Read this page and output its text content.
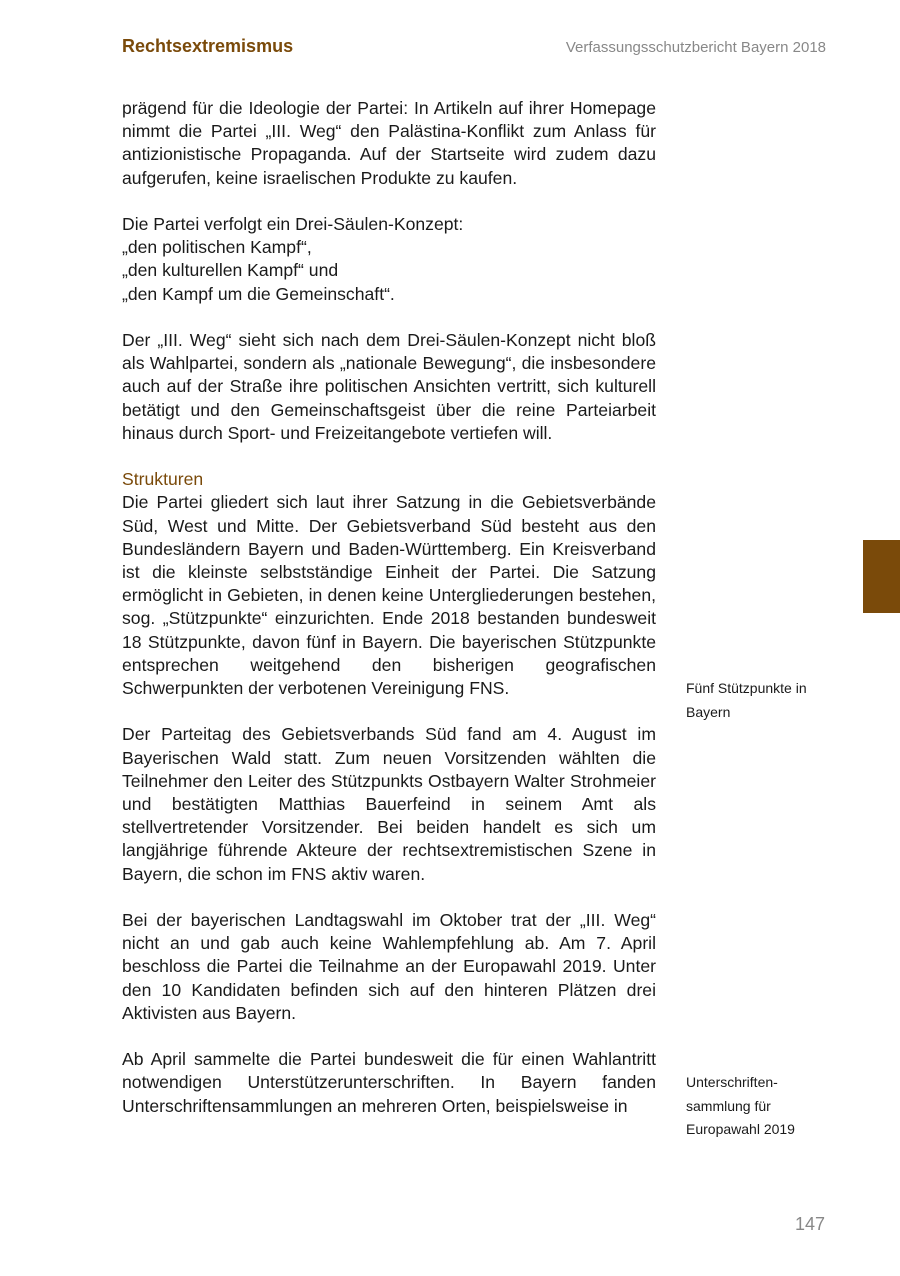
Rechtsextremismus	Verfassungsschutzbericht Bayern 2018

prägend für die Ideologie der Partei: In Artikeln auf ihrer Homepage nimmt die Partei „III. Weg“ den Palästina-Konflikt zum Anlass für antizionistische Propaganda. Auf der Startseite wird zudem dazu aufgerufen, keine israelischen Produkte zu kaufen.

Die Partei verfolgt ein Drei-Säulen-Konzept:
„den politischen Kampf“,
„den kulturellen Kampf“ und
„den Kampf um die Gemeinschaft“.

Der „III. Weg“ sieht sich nach dem Drei-Säulen-Konzept nicht bloß als Wahlpartei, sondern als „nationale Bewegung“, die insbesondere auch auf der Straße ihre politischen Ansichten vertritt, sich kulturell betätigt und den Gemeinschaftsgeist über die reine Parteiarbeit hinaus durch Sport- und Freizeitangebote vertiefen will.

Strukturen

Die Partei gliedert sich laut ihrer Satzung in die Gebietsverbände Süd, West und Mitte. Der Gebietsverband Süd besteht aus den Bundesländern Bayern und Baden-Württemberg. Ein Kreisverband ist die kleinste selbstständige Einheit der Partei. Die Satzung ermöglicht in Gebieten, in denen keine Untergliederungen bestehen, sog. „Stützpunkte“ einzurichten. Ende 2018 bestanden bundesweit 18 Stützpunkte, davon fünf in Bayern. Die bayerischen Stützpunkte entsprechen weitgehend den bisherigen geografischen Schwerpunkten der verbotenen Vereinigung FNS.

Der Parteitag des Gebietsverbands Süd fand am 4. August im Bayerischen Wald statt. Zum neuen Vorsitzenden wählten die Teilnehmer den Leiter des Stützpunkts Ostbayern Walter Strohmeier und bestätigten Matthias Bauerfeind in seinem Amt als stellvertretender Vorsitzender. Bei beiden handelt es sich um langjährige führende Akteure der rechtsextremistischen Szene in Bayern, die schon im FNS aktiv waren.

Bei der bayerischen Landtagswahl im Oktober trat der „III. Weg“ nicht an und gab auch keine Wahlempfehlung ab. Am 7. April beschloss die Partei die Teilnahme an der Europawahl 2019. Unter den 10 Kandidaten befinden sich auf den hinteren Plätzen drei Aktivisten aus Bayern.

Ab April sammelte die Partei bundesweit die für einen Wahlantritt notwendigen Unterstützerunterschriften. In Bayern fanden Unterschriftensammlungen an mehreren Orten, beispielsweise in

Fünf Stützpunkte in
Bayern
Unterschriften-
sammlung für
Europawahl 2019
147
